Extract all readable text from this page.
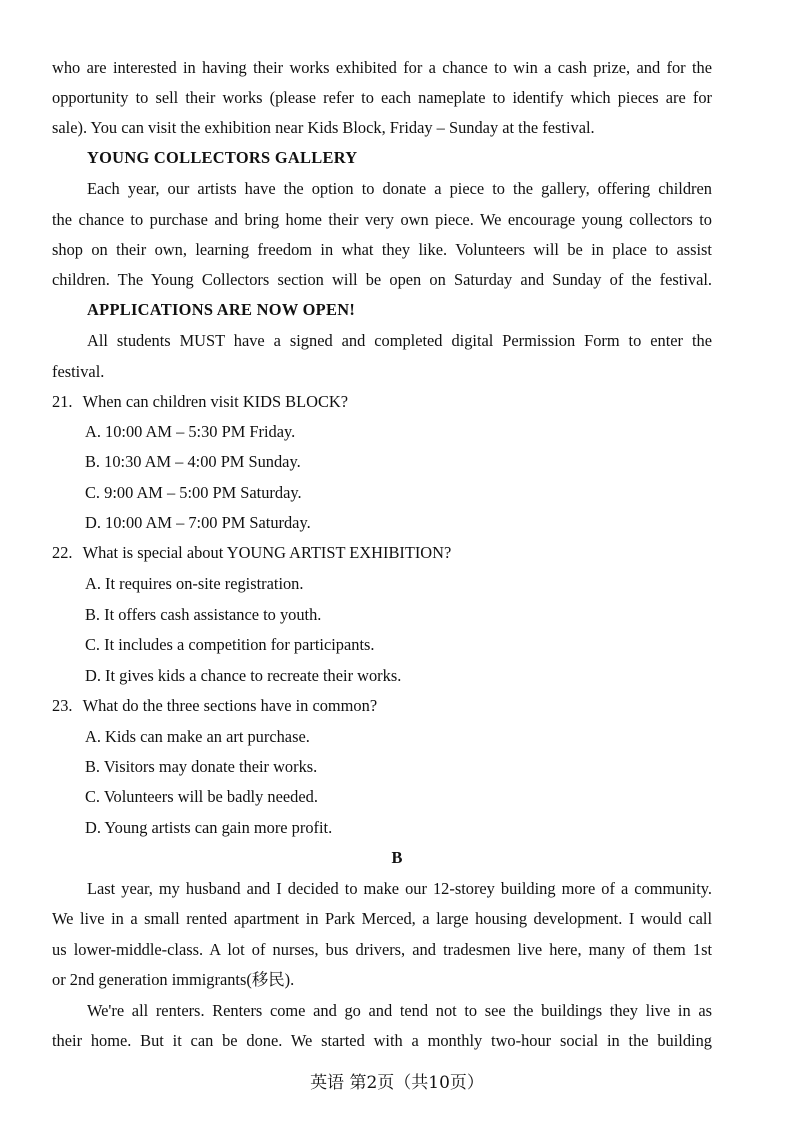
who are interested in having their works exhibited for a chance to win a cash prize, and for the
opportunity to sell their works (please refer to each nameplate to identify which pieces are for
sale). You can visit the exhibition near Kids Block, Friday – Sunday at the festival.
YOUNG COLLECTORS GALLERY
Each year, our artists have the option to donate a piece to the gallery, offering children
the chance to purchase and bring home their very own piece. We encourage young collectors to
shop on their own, learning freedom in what they like. Volunteers will be in place to assist
children. The Young Collectors section will be open on Saturday and Sunday of the festival.
APPLICATIONS ARE NOW OPEN!
All students MUST have a signed and completed digital Permission Form to enter the
festival.
21. When can children visit KIDS BLOCK?
A. 10:00 AM – 5:30 PM Friday.
B. 10:30 AM – 4:00 PM Sunday.
C. 9:00 AM – 5:00 PM Saturday.
D. 10:00 AM – 7:00 PM Saturday.
22. What is special about YOUNG ARTIST EXHIBITION?
A. It requires on-site registration.
B. It offers cash assistance to youth.
C. It includes a competition for participants.
D. It gives kids a chance to recreate their works.
23. What do the three sections have in common?
A. Kids can make an art purchase.
B. Visitors may donate their works.
C. Volunteers will be badly needed.
D. Young artists can gain more profit.
B
Last year, my husband and I decided to make our 12-storey building more of a community.
We live in a small rented apartment in Park Merced, a large housing development. I would call
us lower-middle-class. A lot of nurses, bus drivers, and tradesmen live here, many of them 1st
or 2nd generation immigrants(移民).
We're all renters. Renters come and go and tend not to see the buildings they live in as
their home. But it can be done. We started with a monthly two-hour social in the building
英语 第2页（共10页）
